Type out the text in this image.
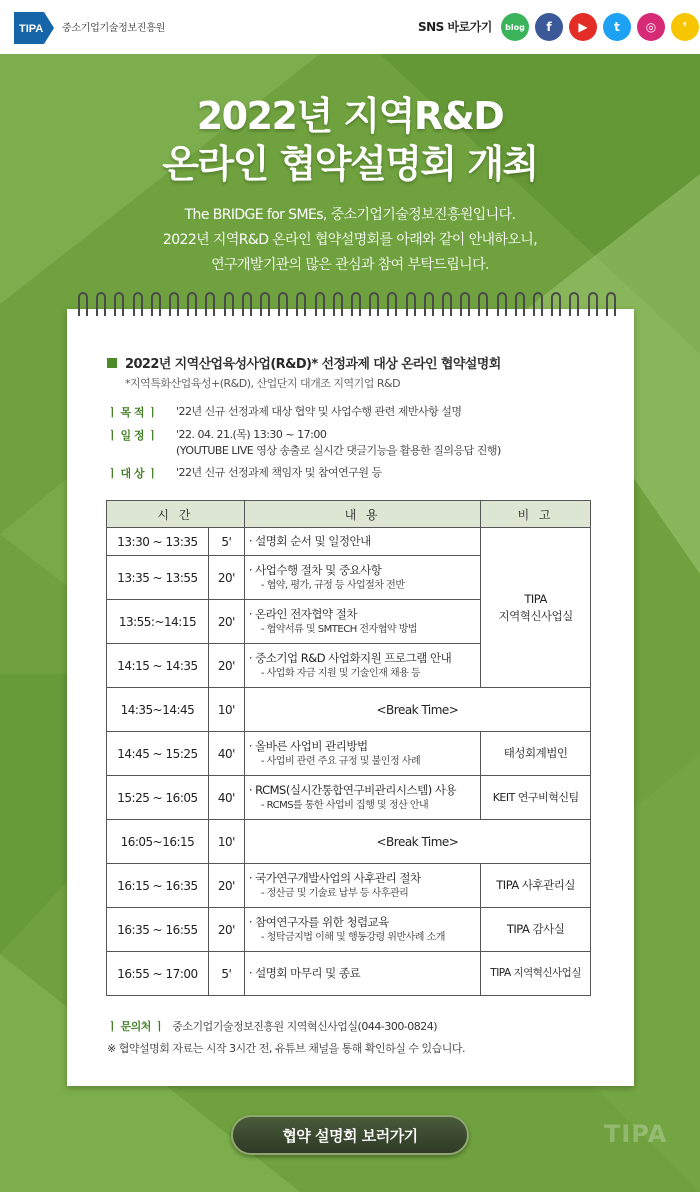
TIPA 중소기업기술정보진흥원	SNS 바로가기	blog	f	▶	t	◎	❜
2022년 지역R&D
온라인 협약설명회 개최
The BRIDGE for SMEs, 중소기업기술정보진흥원입니다.
2022년 지역R&D 온라인 협약설명회를 아래와 같이 안내하오니,
연구개발기관의 많은 관심과 참여 부탁드립니다.
2022년 지역산업육성사업(R&D)* 선정과제 대상 온라인 협약설명회
*지역특화산업육성+(R&D), 산업단지 대개조 지역기업 R&D
ㅣ 목 적 ㅣ	'22년 신규 선정과제 대상 협약 및 사업수행 관련 제반사항 설명
ㅣ 일 정 ㅣ	'22. 04. 21.(목) 13:30 ~ 17:00
(YOUTUBE LIVE 영상 송출로 실시간 댓글기능을 활용한 질의응답 진행)
ㅣ 대 상 ㅣ	'22년 신규 선정과제 책임자 및 참여연구원 등
시 간		내 용	비 고
13:30 ~ 13:35	5'	· 설명회 순서 및 일정안내	TIPA
지역혁신사업실

13:35 ~ 13:55	20'	· 사업수행 절차 및 중요사항
- 협약, 평가, 규정 등 사업절차 전반	

13:55:~14:15	20'	· 온라인 전자협약 절차
- 협약서류 및 SMTECH 전자협약 방법	

14:15 ~ 14:35	20'	· 중소기업 R&D 사업화지원 프로그램 안내
- 사업화 자금 지원 및 기술인재 채용 등	

14:35~14:45	10'	<Break Time>	
14:45 ~ 15:25	40'	· 올바른 사업비 관리방법
- 사업비 관련 주요 규정 및 불인정 사례	태성회계법인
15:25 ~ 16:05	40'	· RCMS(실시간통합연구비관리시스템) 사용
- RCMS를 통한 사업비 집행 및 정산 안내	KEIT 연구비혁신팀
16:05~16:15	10'	<Break Time>	
16:15 ~ 16:35	20'	· 국가연구개발사업의 사후관리 절차
- 정산금 및 기술료 납부 등 사후관리	TIPA 사후관리실
16:35 ~ 16:55	20'	· 참여연구자를 위한 청렴교육
- 청탁금지법 이해 및 행동강령 위반사례 소개	TIPA 감사실
16:55 ~ 17:00	5'	· 설명회 마무리 및 종료	TIPA 지역혁신사업실
ㅣ 문의처 ㅣ 중소기업기술정보진흥원 지역혁신사업실(044-300-0824)
※ 협약설명회 자료는 시작 3시간 전, 유튜브 채널을 통해 확인하실 수 있습니다.
협약 설명회 보러가기	TIPA
